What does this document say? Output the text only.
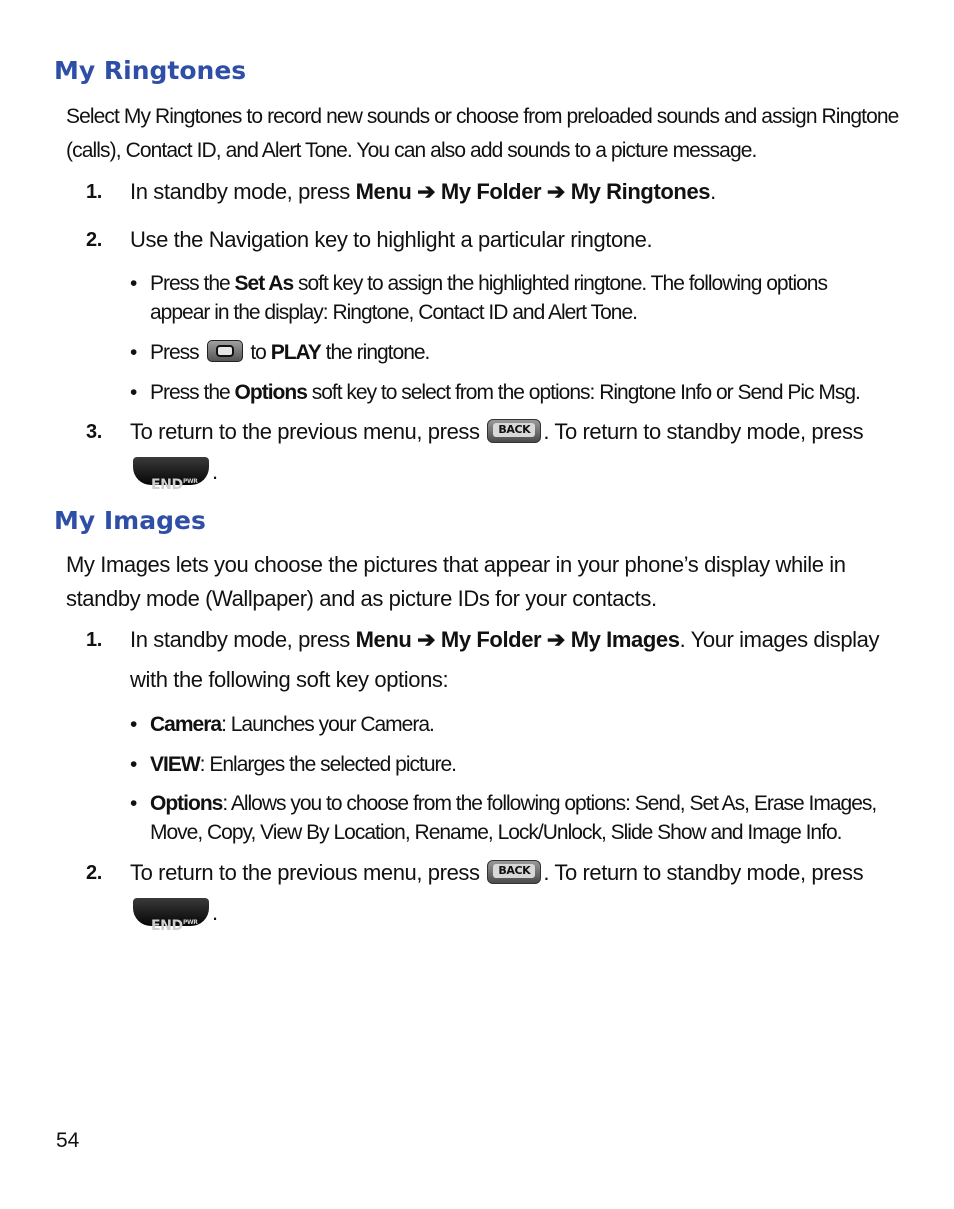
My Ringtones
Select My Ringtones to record new sounds or choose from preloaded sounds and assign Ringtone (calls), Contact ID, and Alert Tone. You can also add sounds to a picture message.
1. In standby mode, press Menu ➔ My Folder ➔ My Ringtones.
2. Use the Navigation key to highlight a particular ringtone.
• Press the Set As soft key to assign the highlighted ringtone. The following options appear in the display: Ringtone, Contact ID and Alert Tone.
• Press
to PLAY the ringtone.
• Press the Options soft key to select from the options: Ringtone Info or Send Pic Msg.
3. To return to the previous menu, press	BACK . To return to standby mode, press
END PWR .
My Images
My Images lets you choose the pictures that appear in your phone’s display while in standby mode (Wallpaper) and as picture IDs for your contacts.
1. In standby mode, press Menu ➔ My Folder ➔ My Images. Your images display with the following soft key options:
• Camera: Launches your Camera.
• VIEW: Enlarges the selected picture.
• Options: Allows you to choose from the following options: Send, Set As, Erase Images, Move, Copy, View By Location, Rename, Lock/Unlock, Slide Show and Image Info.
2. To return to the previous menu, press	BACK . To return to standby mode, press
END PWR .
54
